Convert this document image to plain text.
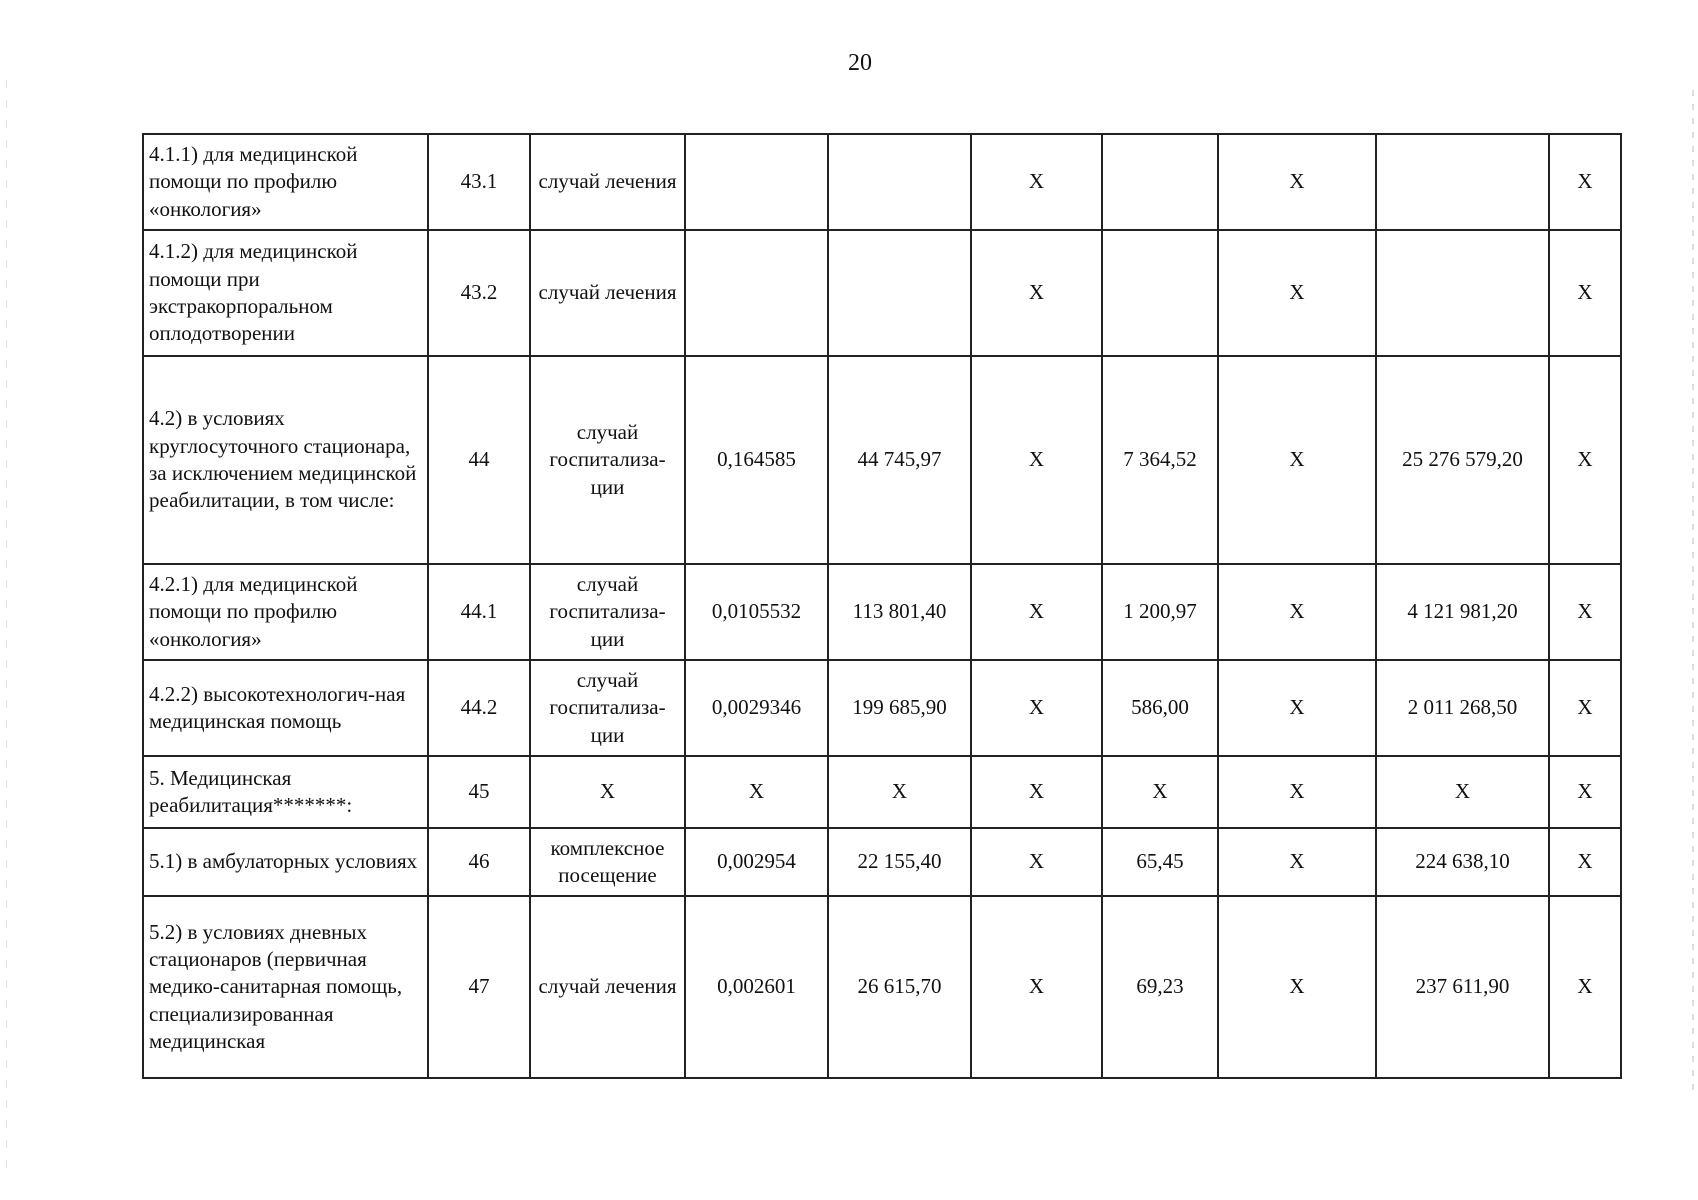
20
4.1.1) для медицинской помощи по профилю «онкология»	43.1	случай лечения			X		X		X
4.1.2) для медицинской помощи при экстракорпоральном оплодотворении	43.2	случай лечения			X		X		X
4.2) в условиях круглосуточного стационара, за исключением медицинской реабилитации, в том числе:	44	случай госпитализа-ции	0,164585	44 745,97	X	7 364,52	X	25 276 579,20	X
4.2.1) для медицинской помощи по профилю «онкология»	44.1	случай госпитализа-ции	0,0105532	113 801,40	X	1 200,97	X	4 121 981,20	X
4.2.2) высокотехнологич-ная медицинская помощь	44.2	случай госпитализа-ции	0,0029346	199 685,90	X	586,00	X	2 011 268,50	X
5. Медицинская реабилитация*******:	45	X	X	X	X	X	X	X	X
5.1) в амбулаторных условиях	46	комплексное посещение	0,002954	22 155,40	X	65,45	X	224 638,10	X
5.2) в условиях дневных стационаров (первичная медико-санитарная помощь, специализированная медицинская	47	случай лечения	0,002601	26 615,70	X	69,23	X	237 611,90	X
